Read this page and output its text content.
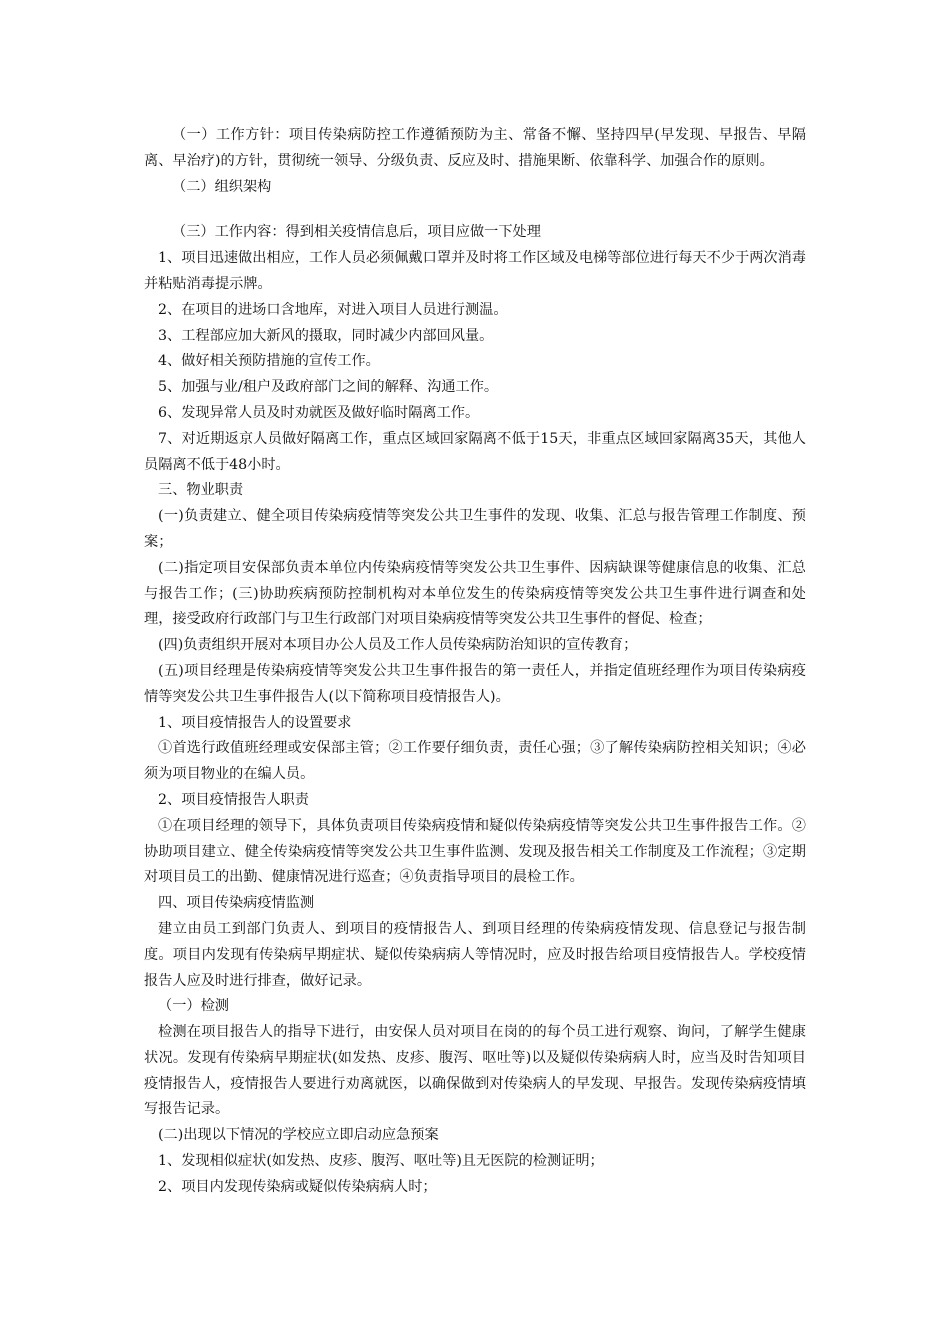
（一）工作方针：项目传染病防控工作遵循预防为主、常备不懈、坚持四早(早发现、早报告、早隔离、早治疗)的方针，贯彻统一领导、分级负责、反应及时、措施果断、依靠科学、加强合作的原则。

（二）组织架构

（三）工作内容：得到相关疫情信息后，项目应做一下处理

1、项目迅速做出相应，工作人员必须佩戴口罩并及时将工作区域及电梯等部位进行每天不少于两次消毒并粘贴消毒提示牌。

2、在项目的进场口含地库，对进入项目人员进行测温。

3、工程部应加大新风的摄取，同时减少内部回风量。

4、做好相关预防措施的宣传工作。

5、加强与业/租户及政府部门之间的解释、沟通工作。

6、发现异常人员及时劝就医及做好临时隔离工作。

7、对近期返京人员做好隔离工作，重点区域回家隔离不低于15天，非重点区域回家隔离35天，其他人员隔离不低于48小时。

三、物业职责

(一)负责建立、健全项目传染病疫情等突发公共卫生事件的发现、收集、汇总与报告管理工作制度、预案；

(二)指定项目安保部负责本单位内传染病疫情等突发公共卫生事件、因病缺课等健康信息的收集、汇总与报告工作；(三)协助疾病预防控制机构对本单位发生的传染病疫情等突发公共卫生事件进行调查和处理，接受政府行政部门与卫生行政部门对项目染病疫情等突发公共卫生事件的督促、检查；

(四)负责组织开展对本项目办公人员及工作人员传染病防治知识的宣传教育；

(五)项目经理是传染病疫情等突发公共卫生事件报告的第一责任人，并指定值班经理作为项目传染病疫情等突发公共卫生事件报告人(以下简称项目疫情报告人)。

1、项目疫情报告人的设置要求

①首选行政值班经理或安保部主管；②工作要仔细负责，责任心强；③了解传染病防控相关知识；④必须为项目物业的在编人员。

2、项目疫情报告人职责

①在项目经理的领导下，具体负责项目传染病疫情和疑似传染病疫情等突发公共卫生事件报告工作。②协助项目建立、健全传染病疫情等突发公共卫生事件监测、发现及报告相关工作制度及工作流程；③定期对项目员工的出勤、健康情况进行巡查；④负责指导项目的晨检工作。

四、项目传染病疫情监测

建立由员工到部门负责人、到项目的疫情报告人、到项目经理的传染病疫情发现、信息登记与报告制度。项目内发现有传染病早期症状、疑似传染病病人等情况时，应及时报告给项目疫情报告人。学校疫情报告人应及时进行排查，做好记录。

（一）检测

检测在项目报告人的指导下进行，由安保人员对项目在岗的的每个员工进行观察、询问，了解学生健康状况。发现有传染病早期症状(如发热、皮疹、腹泻、呕吐等)以及疑似传染病病人时，应当及时告知项目疫情报告人，疫情报告人要进行劝离就医，以确保做到对传染病人的早发现、早报告。发现传染病疫情填写报告记录。

(二)出现以下情况的学校应立即启动应急预案

1、发现相似症状(如发热、皮疹、腹泻、呕吐等)且无医院的检测证明；

2、项目内发现传染病或疑似传染病病人时；
